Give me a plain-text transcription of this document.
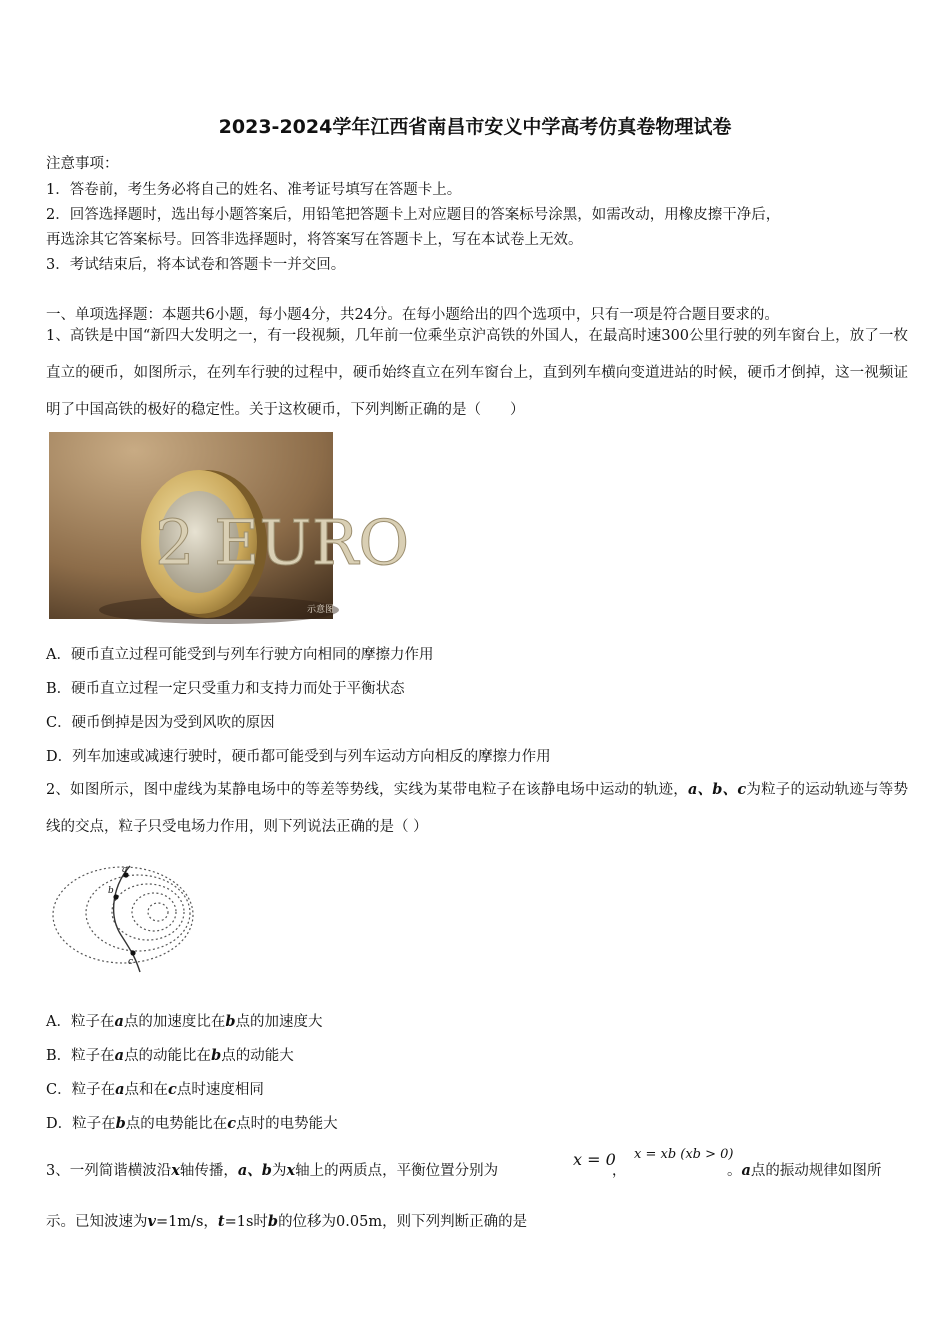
2023-2024学年江西省南昌市安义中学高考仿真卷物理试卷
注意事项：
1．答卷前，考生务必将自己的姓名、准考证号填写在答题卡上。
2．回答选择题时，选出每小题答案后，用铅笔把答题卡上对应题目的答案标号涂黑，如需改动，用橡皮擦干净后，
再选涂其它答案标号。回答非选择题时，将答案写在答题卡上，写在本试卷上无效。
3．考试结束后，将本试卷和答题卡一并交回。
一、单项选择题：本题共6小题，每小题4分，共24分。在每小题给出的四个选项中，只有一项是符合题目要求的。
1、高铁是中国“新四大发明之一，有一段视频，几年前一位乘坐京沪高铁的外国人，在最高时速300公里行驶的列车窗台上，放了一枚直立的硬币，如图所示，在列车行驶的过程中，硬币始终直立在列车窗台上，直到列车横向变道进站的时候，硬币才倒掉，这一视频证明了中国高铁的极好的稳定性。关于这枚硬币，下列判断正确的是（　　）
2 EURO
示意图
A．硬币直立过程可能受到与列车行驶方向相同的摩擦力作用
B．硬币直立过程一定只受重力和支持力而处于平衡状态
C．硬币倒掉是因为受到风吹的原因
D．列车加速或减速行驶时，硬币都可能受到与列车运动方向相反的摩擦力作用
2、如图所示，图中虚线为某静电场中的等差等势线，实线为某带电粒子在该静电场中运动的轨迹，a、b、c为粒子的运动轨迹与等势线的交点，粒子只受电场力作用，则下列说法正确的是（ ）
a
b
c
A．粒子在a点的加速度比在b点的加速度大
B．粒子在a点的动能比在b点的动能大
C．粒子在a点和在c点时速度相同
D．粒子在b点的电势能比在c点时的电势能大
3、一列简谐横波沿x轴传播，a、b为x轴上的两质点，平衡位置分别为
x = 0
，
x = xb (xb > 0)
。a点的振动规律如图所
示。已知波速为v=1m/s，t=1s时b的位移为0.05m，则下列判断正确的是
